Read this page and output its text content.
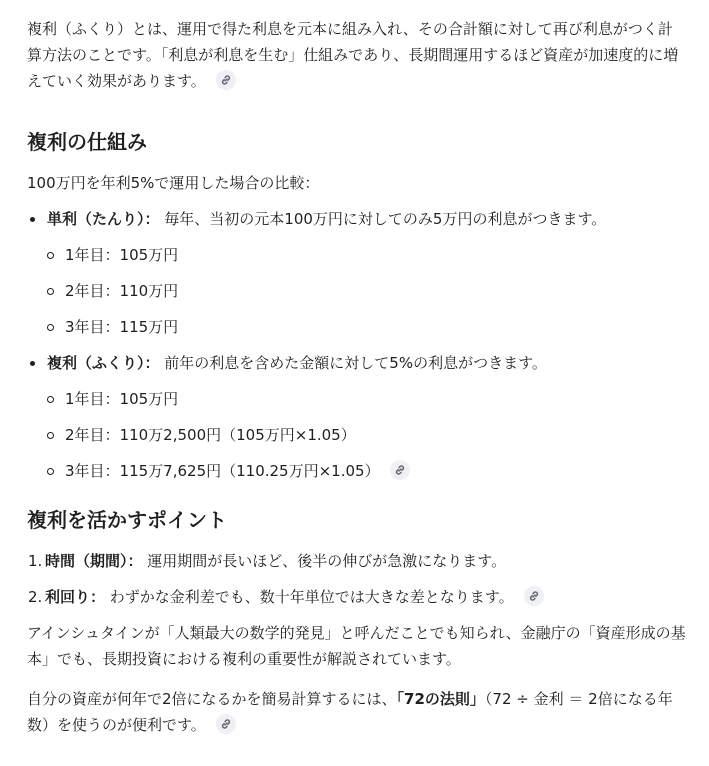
複利（ふくり）とは、運用で得た利息を元本に組み入れ、その合計額に対して再び利息がつく計算方法のことです。「利息が利息を生む」仕組みであり、長期間運用するほど資産が加速度的に増えていく効果があります。

複利の仕組み

100万円を年利5%で運用した場合の比較：

単利（たんり）： 毎年、当初の元本100万円に対してのみ5万円の利息がつきます。
1年目：105万円
2年目：110万円
3年目：115万円
複利（ふくり）： 前年の利息を含めた金額に対して5%の利息がつきます。
1年目：105万円
2年目：110万2,500円（105万円×1.05）
3年目：115万7,625円（110.25万円×1.05）
複利を活かすポイント
1. 時間（期間）： 運用期間が長いほど、後半の伸びが急激になります。
2. 利回り： わずかな金利差でも、数十年単位では大きな差となります。

アインシュタインが「人類最大の数学的発見」と呼んだことでも知られ、金融庁の「資産形成の基本」でも、長期投資における複利の重要性が解説されています。

自分の資産が何年で2倍になるかを簡易計算するには、「72の法則」（72 ÷ 金利 ＝ 2倍になる年数）を使うのが便利です。
